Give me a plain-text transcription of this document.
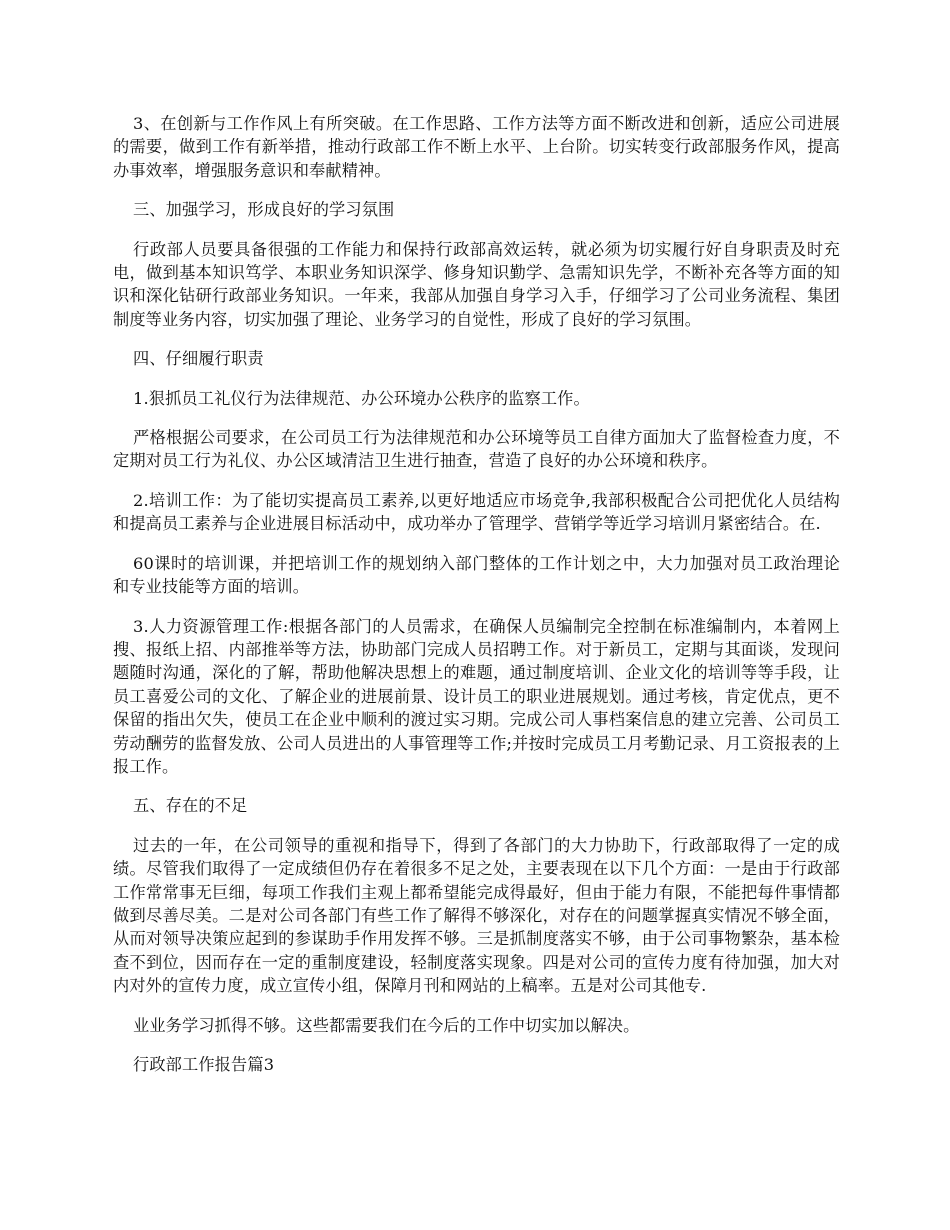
3、在创新与工作作风上有所突破。在工作思路、工作方法等方面不断改进和创新，适应公司进展的需要，做到工作有新举措，推动行政部工作不断上水平、上台阶。切实转变行政部服务作风，提高办事效率，增强服务意识和奉献精神。

三、加强学习，形成良好的学习氛围

行政部人员要具备很强的工作能力和保持行政部高效运转，就必须为切实履行好自身职责及时充电，做到基本知识笃学、本职业务知识深学、修身知识勤学、急需知识先学，不断补充各等方面的知识和深化钻研行政部业务知识。一年来，我部从加强自身学习入手，仔细学习了公司业务流程、集团制度等业务内容，切实加强了理论、业务学习的自觉性，形成了良好的学习氛围。

四、仔细履行职责

1.狠抓员工礼仪行为法律规范、办公环境办公秩序的监察工作。

严格根据公司要求，在公司员工行为法律规范和办公环境等员工自律方面加大了监督检查力度，不定期对员工行为礼仪、办公区域清洁卫生进行抽查，营造了良好的办公环境和秩序。

2.培训工作：为了能切实提高员工素养,以更好地适应市场竞争,我部积极配合公司把优化人员结构和提高员工素养与企业进展目标活动中，成功举办了管理学、营销学等近学习培训月紧密结合。在.

60课时的培训课，并把培训工作的规划纳入部门整体的工作计划之中，大力加强对员工政治理论和专业技能等方面的培训。

3.人力资源管理工作:根据各部门的人员需求，在确保人员编制完全控制在标准编制内，本着网上搜、报纸上招、内部推举等方法，协助部门完成人员招聘工作。对于新员工，定期与其面谈，发现问题随时沟通，深化的了解，帮助他解决思想上的难题，通过制度培训、企业文化的培训等等手段，让员工喜爱公司的文化、了解企业的进展前景、设计员工的职业进展规划。通过考核，肯定优点，更不保留的指出欠失，使员工在企业中顺利的渡过实习期。完成公司人事档案信息的建立完善、公司员工劳动酬劳的监督发放、公司人员进出的人事管理等工作;并按时完成员工月考勤记录、月工资报表的上报工作。

五、存在的不足

过去的一年，在公司领导的重视和指导下，得到了各部门的大力协助下，行政部取得了一定的成绩。尽管我们取得了一定成绩但仍存在着很多不足之处，主要表现在以下几个方面：一是由于行政部工作常常事无巨细，每项工作我们主观上都希望能完成得最好，但由于能力有限，不能把每件事情都做到尽善尽美。二是对公司各部门有些工作了解得不够深化，对存在的问题掌握真实情况不够全面，从而对领导决策应起到的参谋助手作用发挥不够。三是抓制度落实不够，由于公司事物繁杂，基本检查不到位，因而存在一定的重制度建设，轻制度落实现象。四是对公司的宣传力度有待加强，加大对内对外的宣传力度，成立宣传小组，保障月刊和网站的上稿率。五是对公司其他专.

业业务学习抓得不够。这些都需要我们在今后的工作中切实加以解决。

行政部工作报告篇3
